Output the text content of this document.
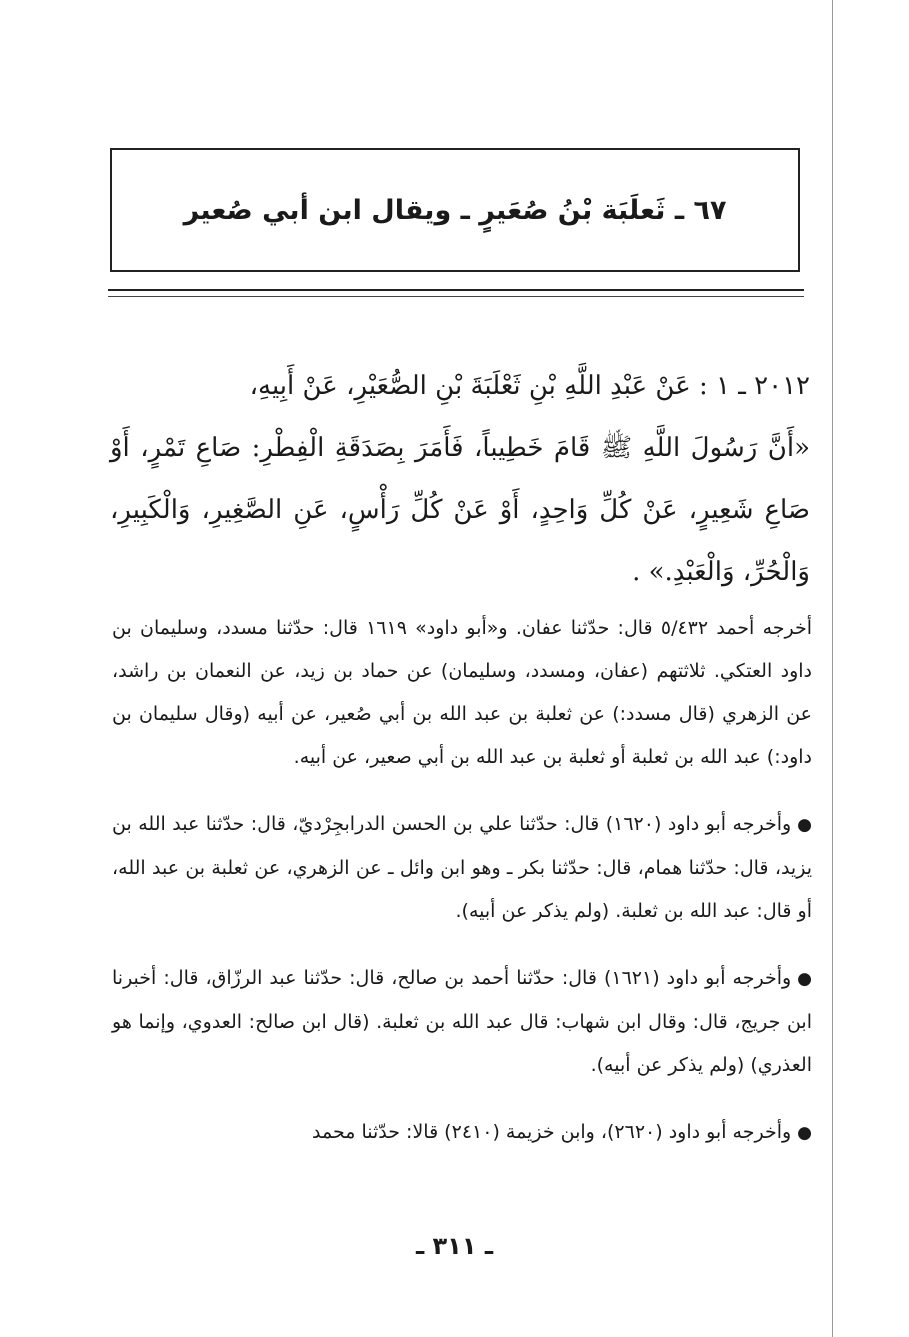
٦٧ ـ ثَعلَبَة بْنُ صُعَيرٍ ـ ويقال ابن أبي صُعير

٢٠١٢ ـ ١ : عَنْ عَبْدِ اللَّهِ بْنِ ثَعْلَبَةَ بْنِ الصُّعَيْرِ، عَنْ أَبِيهِ،

«أَنَّ رَسُولَ اللَّهِ ﷺ قَامَ خَطِيباً، فَأَمَرَ بِصَدَقَةِ الْفِطْرِ: صَاعِ تَمْرٍ، أَوْ صَاعِ شَعِيرٍ، عَنْ كُلِّ وَاحِدٍ، أَوْ عَنْ كُلِّ رَأْسٍ، عَنِ الصَّغِيرِ، وَالْكَبِيرِ، وَالْحُرِّ، وَالْعَبْدِ.» .

أخرجه أحمد ٥/٤٣٢ قال: حدّثنا عفان. و«أبو داود» ١٦١٩ قال: حدّثنا مسدد، وسليمان بن داود العتكي. ثلاثتهم (عفان، ومسدد، وسليمان) عن حماد بن زيد، عن النعمان بن راشد، عن الزهري (قال مسدد:) عن ثعلبة بن عبد الله بن أبي صُعير، عن أبيه (وقال سليمان بن داود:) عبد الله بن ثعلبة أو ثعلبة بن عبد الله بن أبي صعير، عن أبيه.

●وأخرجه أبو داود (١٦٢٠) قال: حدّثنا علي بن الحسن الدرابجِرْديّ، قال: حدّثنا عبد الله بن يزيد، قال: حدّثنا همام، قال: حدّثنا بكر ـ وهو ابن وائل ـ عن الزهري، عن ثعلبة بن عبد الله، أو قال: عبد الله بن ثعلبة. (ولم يذكر عن أبيه).

●وأخرجه أبو داود (١٦٢١) قال: حدّثنا أحمد بن صالح، قال: حدّثنا عبد الرزّاق، قال: أخبرنا ابن جريج، قال: وقال ابن شهاب: قال عبد الله بن ثعلبة. (قال ابن صالح: العدوي، وإنما هو العذري) (ولم يذكر عن أبيه).

●وأخرجه أبو داود (٢٦٢٠)، وابن خزيمة (٢٤١٠) قالا: حدّثنا محمد

ـ ٣١١ ـ
